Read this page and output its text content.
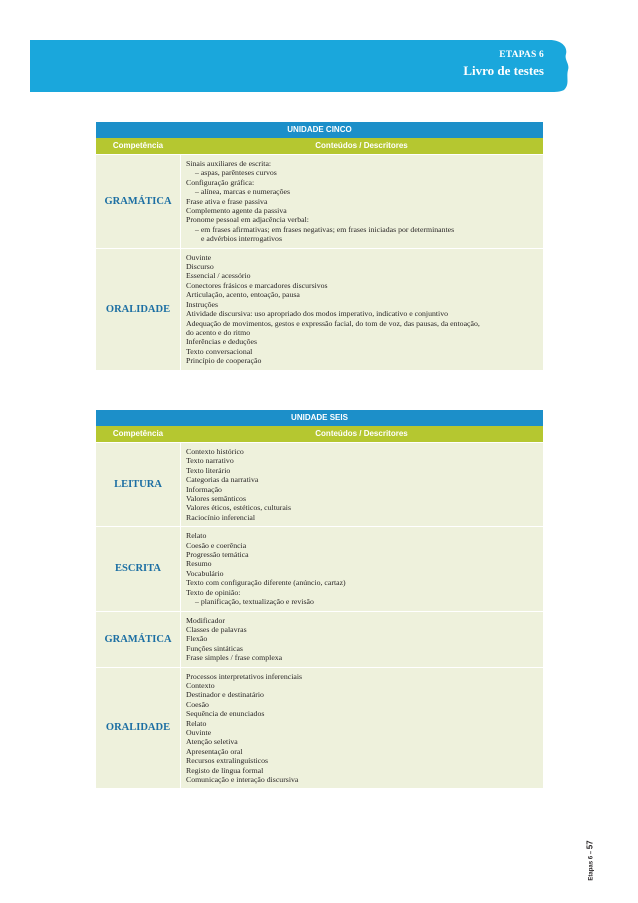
ETAPAS 6
Livro de testes
UNIDADE CINCO
Competência	Conteúdos / Descritores
GRAMÁTICA
Sinais auxiliares de escrita:
– aspas, parênteses curvos
Configuração gráfica:
– alínea, marcas e numerações
Frase ativa e frase passiva
Complemento agente da passiva
Pronome pessoal em adjacência verbal:
– em frases afirmativas; em frases negativas; em frases iniciadas por determinantes
e advérbios interrogativos
ORALIDADE
Ouvinte
Discurso
Essencial / acessório
Conectores frásicos e marcadores discursivos
Articulação, acento, entoação, pausa
Instruções
Atividade discursiva: uso apropriado dos modos imperativo, indicativo e conjuntivo
Adequação de movimentos, gestos e expressão facial, do tom de voz, das pausas, da entoação,
do acento e do ritmo
Inferências e deduções
Texto conversacional
Princípio de cooperação
UNIDADE SEIS
Competência	Conteúdos / Descritores
LEITURA
Contexto histórico
Texto narrativo
Texto literário
Categorias da narrativa
Informação
Valores semânticos
Valores éticos, estéticos, culturais
Raciocínio inferencial
ESCRITA
Relato
Coesão e coerência
Progressão temática
Resumo
Vocabulário
Texto com configuração diferente (anúncio, cartaz)
Texto de opinião:
– planificação, textualização e revisão
GRAMÁTICA
Modificador
Classes de palavras
Flexão
Funções sintáticas
Frase simples / frase complexa
ORALIDADE
Processos interpretativos inferenciais
Contexto
Destinador e destinatário
Coesão
Sequência de enunciados
Relato
Ouvinte
Atenção seletiva
Apresentação oral
Recursos extralinguísticos
Registo de língua formal
Comunicação e interação discursiva
Etapas 6 – 57
